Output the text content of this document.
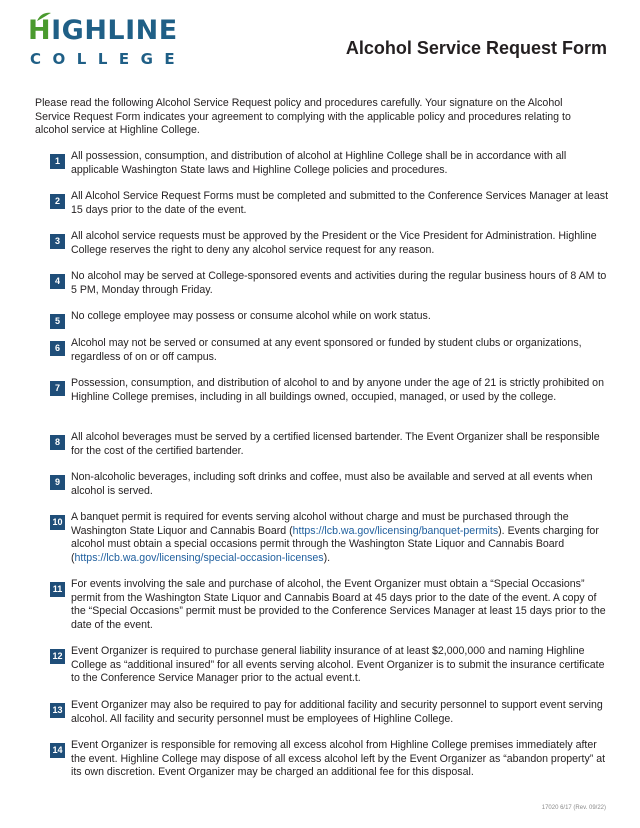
HIGHLINE
COLLEGE
Alcohol Service Request Form
Please read the following Alcohol Service Request policy and procedures carefully. Your signature on the Alcohol Service Request Form indicates your agreement to complying with the applicable policy and procedures relating to alcohol service at Highline College.
1	All possession, consumption, and distribution of alcohol at Highline College shall be in accordance with all applicable Washington State laws and Highline College policies and procedures.
2	All Alcohol Service Request Forms must be completed and submitted to the Conference Services Manager at least 15 days prior to the date of the event.
3	All alcohol service requests must be approved by the President or the Vice President for Administration. Highline College reserves the right to deny any alcohol service request for any reason.
4	No alcohol may be served at College-sponsored events and activities during the regular business hours of 8 AM to 5 PM, Monday through Friday.
5	No college employee may possess or consume alcohol while on work status.
6	Alcohol may not be served or consumed at any event sponsored or funded by student clubs or organizations, regardless of on or off campus.
7	Possession, consumption, and distribution of alcohol to and by anyone under the age of 21 is strictly prohibited on Highline College premises, including in all buildings owned, occupied, managed, or used by the college.
8	All alcohol beverages must be served by a certified licensed bartender. The Event Organizer shall be responsible for the cost of the certified bartender.
9	Non-alcoholic beverages, including soft drinks and coffee, must also be available and served at all events when alcohol is served.
10 A banquet permit is required for events serving alcohol without charge and must be purchased through the Washington State Liquor and Cannabis Board (https://lcb.wa.gov/licensing/banquet-permits). Events charging for alcohol must obtain a special occasions permit through the Washington State Liquor and Cannabis Board (https://lcb.wa.gov/licensing/special-occasion-licenses).
11 For events involving the sale and purchase of alcohol, the Event Organizer must obtain a “Special Occasions” permit from the Washington State Liquor and Cannabis Board at 45 days prior to the date of the event. A copy of the “Special Occasions” permit must be provided to the Conference Services Manager at least 15 days prior to the date of the event.
12 Event Organizer is required to purchase general liability insurance of at least $2,000,000 and naming Highline College as “additional insured” for all events serving alcohol. Event Organizer is to submit the insurance certificate to the Conference Service Manager prior to the actual event.t.
13 Event Organizer may also be required to pay for additional facility and security personnel to support event serving alcohol. All facility and security personnel must be employees of Highline College.
14 Event Organizer is responsible for removing all excess alcohol from Highline College premises immediately after the event. Highline College may dispose of all excess alcohol left by the Event Organizer as “abandon property” at its own discretion. Event Organizer may be charged an additional fee for this disposal.
17020 6/17 (Rev. 09/22)
